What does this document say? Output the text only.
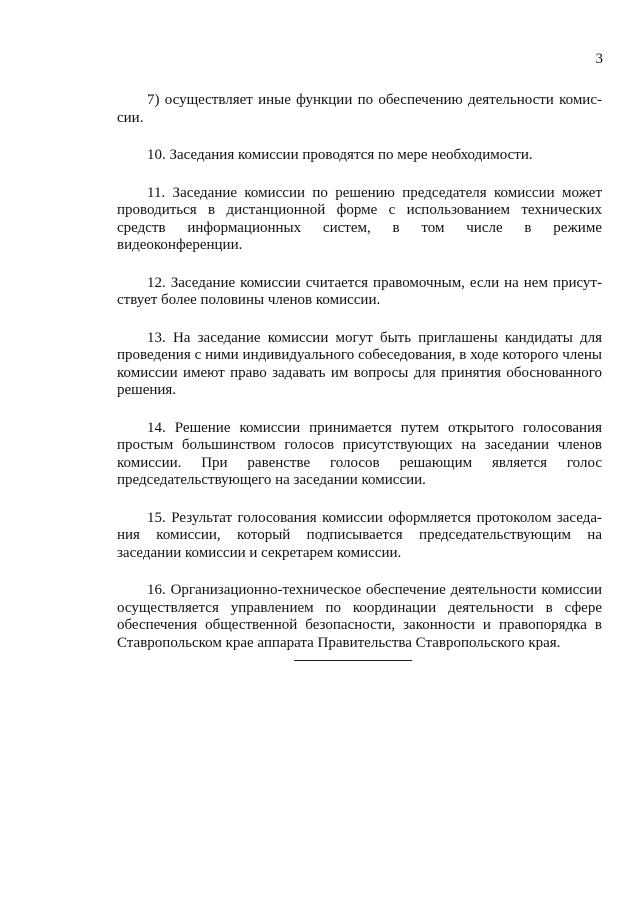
3

7) осуществляет иные функции по обеспечению деятельности комиссии.

10. Заседания комиссии проводятся по мере необходимости.

11. Заседание комиссии по решению председателя комиссии может проводиться в дистанционной форме с использованием технических средств информационных систем, в том числе в режиме видеоконференции.

12. Заседание комиссии считается правомочным, если на нем присутствует более половины членов комиссии.

13. На заседание комиссии могут быть приглашены кандидаты для проведения с ними индивидуального собеседования, в ходе которого члены комиссии имеют право задавать им вопросы для принятия обоснованного решения.

14. Решение комиссии принимается путем открытого голосования простым большинством голосов присутствующих на заседании членов комиссии. При равенстве голосов решающим является голос председательствующего на заседании комиссии.

15. Результат голосования комиссии оформляется протоколом заседания комиссии, который подписывается председательствующим на заседании комиссии и секретарем комиссии.

16. Организационно-техническое обеспечение деятельности комиссии осуществляется управлением по координации деятельности в сфере обеспечения общественной безопасности, законности и правопорядка в Ставропольском крае аппарата Правительства Ставропольского края.
